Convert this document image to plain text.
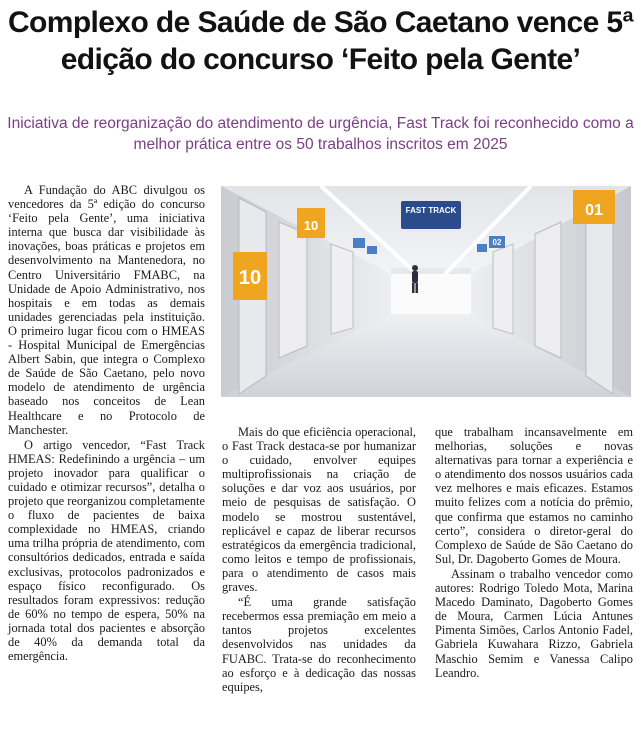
Complexo de Saúde de São Caetano vence 5ª edição do concurso ‘Feito pela Gente’
Iniciativa de reorganização do atendimento de urgência, Fast Track foi reconhecido como a melhor prática entre os 50 trabalhos inscritos em 2025

A Fundação do ABC divulgou os vencedores da 5ª edição do concurso ‘Feito pela Gente’, uma iniciativa interna que busca dar visibilidade às inovações, boas práticas e projetos em desenvolvimento na Mantenedora, no Centro Universitário FMABC, na Unidade de Apoio Administrativo, nos hospitais e em todas as demais unidades gerenciadas pela instituição. O primeiro lugar ficou com o HMEAS - Hospital Municipal de Emergências Albert Sabin, que integra o Complexo de Saúde de São Caetano, pelo novo modelo de atendimento de urgência baseado nos conceitos de Lean Healthcare e no Protocolo de Manchester.

O artigo vencedor, “Fast Track HMEAS: Redefinindo a urgência – um projeto inovador para qualificar o cuidado e otimizar recursos”, detalha o projeto que reorganizou completamente o fluxo de pacientes de baixa complexidade no HMEAS, criando uma trilha própria de atendimento, com consultórios dedicados, entrada e saída exclusivas, protocolos padronizados e espaço físico reconfigurado. Os resultados foram expressivos: redução de 60% no tempo de espera, 50% na jornada total dos pacientes e absorção de 40% da demanda total da emergência.

FAST TRACK
10
10
01
02

Mais do que eficiência operacional, o Fast Track destaca-se por humanizar o cuidado, envolver equipes multiprofissionais na criação de soluções e dar voz aos usuários, por meio de pesquisas de satisfação. O modelo se mostrou sustentável, replicável e capaz de liberar recursos estratégicos da emergência tradicional, como leitos e tempo de profissionais, para o atendimento de casos mais graves.

“É uma grande satisfação recebermos essa premiação em meio a tantos projetos excelentes desenvolvidos nas unidades da FUABC. Trata-se do reconhecimento ao esforço e à dedicação das nossas equipes,

que trabalham incansavelmente em melhorias, soluções e novas alternativas para tornar a experiência e o atendimento dos nossos usuários cada vez melhores e mais eficazes. Estamos muito felizes com a notícia do prêmio, que confirma que estamos no caminho certo”, considera o diretor-geral do Complexo de Saúde de São Caetano do Sul, Dr. Dagoberto Gomes de Moura.

Assinam o trabalho vencedor como autores: Rodrigo Toledo Mota, Marina Macedo Daminato, Dagoberto Gomes de Moura, Carmen Lúcia Antunes Pimenta Simões, Carlos Antonio Fadel, Gabriela Kuwahara Rizzo, Gabriela Maschio Semim e Vanessa Calipo Leandro.
